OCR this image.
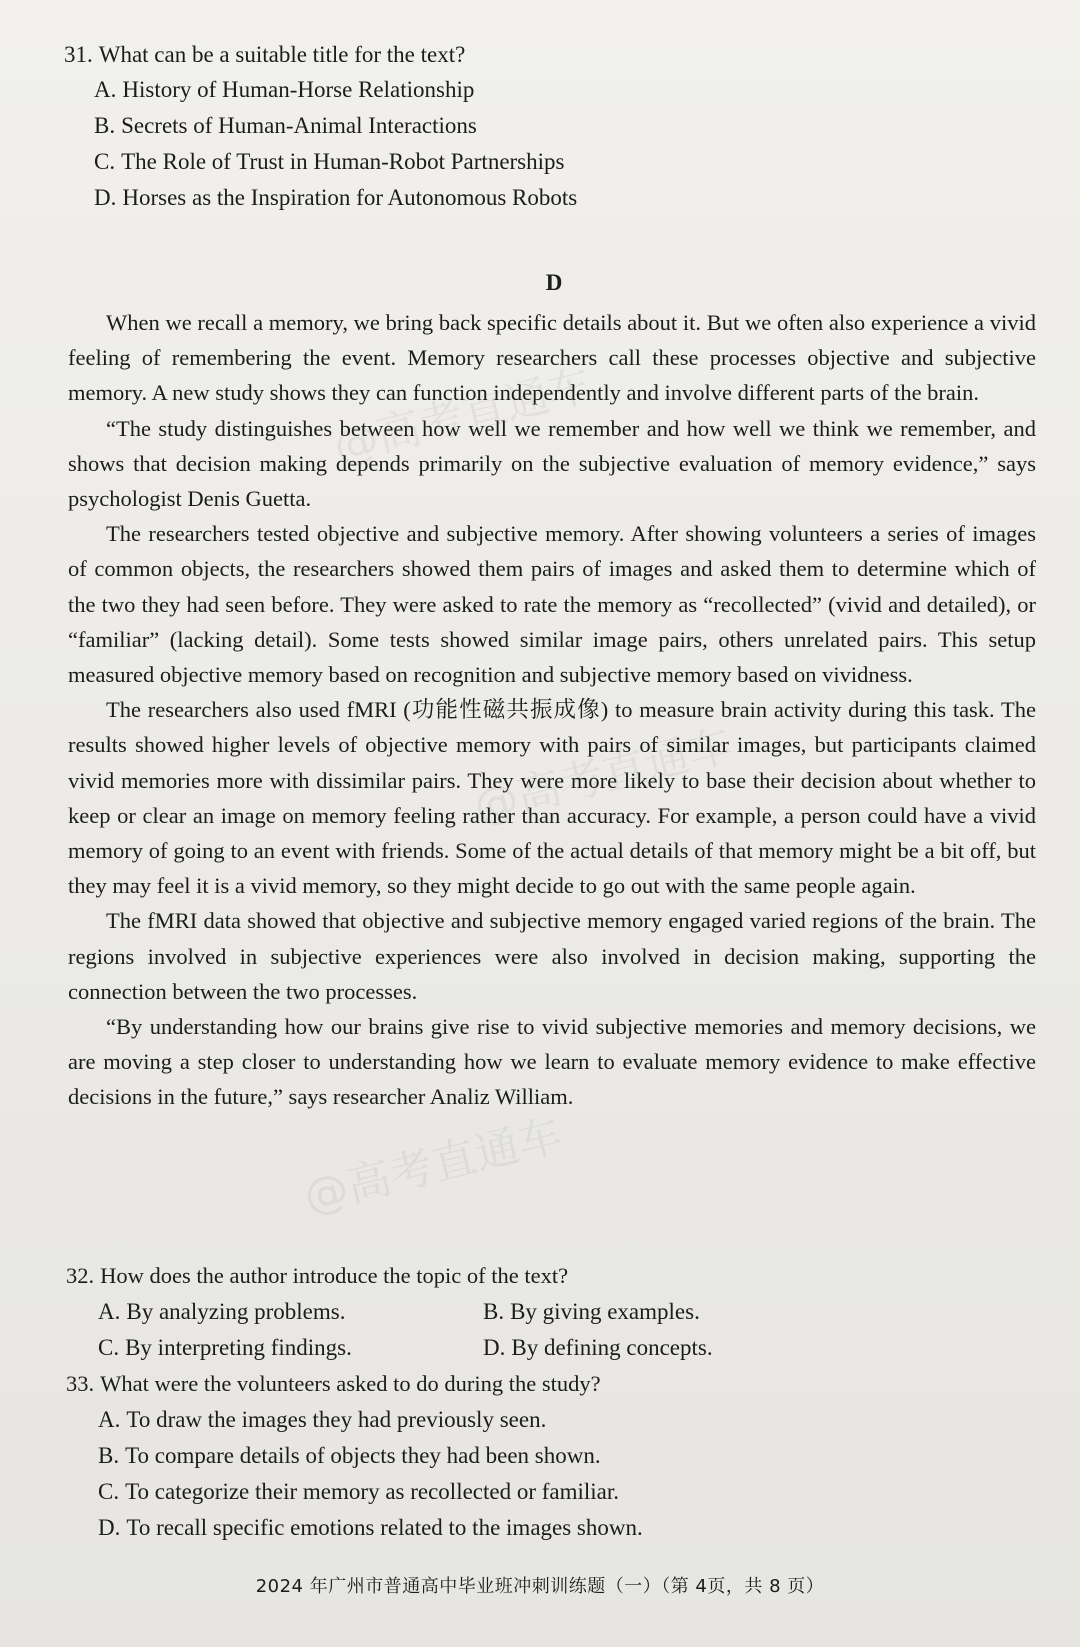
@高考直通车
@高考直通车
@高考直通车
31. What can be a suitable title for the text?
A. History of Human-Horse Relationship
B. Secrets of Human-Animal Interactions
C. The Role of Trust in Human-Robot Partnerships
D. Horses as the Inspiration for Autonomous Robots
D

When we recall a memory, we bring back specific details about it. But we often also experience a vivid feeling of remembering the event. Memory researchers call these processes objective and subjective memory. A new study shows they can function independently and involve different parts of the brain.

“The study distinguishes between how well we remember and how well we think we remember, and shows that decision making depends primarily on the subjective evaluation of memory evidence,” says psychologist Denis Guetta.

The researchers tested objective and subjective memory. After showing volunteers a series of images of common objects, the researchers showed them pairs of images and asked them to determine which of the two they had seen before. They were asked to rate the memory as “recollected” (vivid and detailed), or “familiar” (lacking detail). Some tests showed similar image pairs, others unrelated pairs. This setup measured objective memory based on recognition and subjective memory based on vividness.

The researchers also used fMRI (功能性磁共振成像) to measure brain activity during this task. The results showed higher levels of objective memory with pairs of similar images, but participants claimed vivid memories more with dissimilar pairs. They were more likely to base their decision about whether to keep or clear an image on memory feeling rather than accuracy. For example, a person could have a vivid memory of going to an event with friends. Some of the actual details of that memory might be a bit off, but they may feel it is a vivid memory, so they might decide to go out with the same people again.

The fMRI data showed that objective and subjective memory engaged varied regions of the brain. The regions involved in subjective experiences were also involved in decision making, supporting the connection between the two processes.

“By understanding how our brains give rise to vivid subjective memories and memory decisions, we are moving a step closer to understanding how we learn to evaluate memory evidence to make effective decisions in the future,” says researcher Analiz William.

32. How does the author introduce the topic of the text?
A. By analyzing problems.	B. By giving examples.
C. By interpreting findings.	D. By defining concepts.
33. What were the volunteers asked to do during the study?
A. To draw the images they had previously seen.
B. To compare details of objects they had been shown.
C. To categorize their memory as recollected or familiar.
D. To recall specific emotions related to the images shown.
2024 年广州市普通高中毕业班冲刺训练题（一）（第 4页，共 8 页）
